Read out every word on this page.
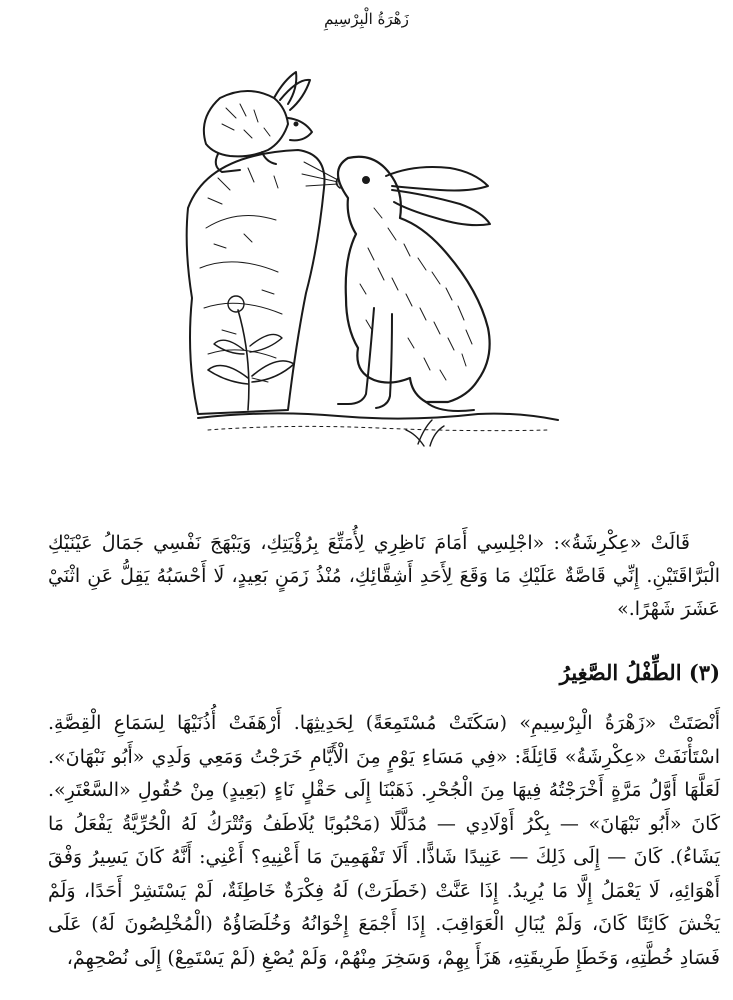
زَهْرَةُ الْبِرْسِيمِ

قَالَتْ «عِكْرِشَةُ»: «اجْلِسِي أَمَامَ نَاظِرِي لِأُمَتِّعَ بِرُؤْيَتِكِ، وَيَبْهَجَ نَفْسِي جَمَالُ عَيْنَيْكِ الْبَرَّاقَتَيْنِ. إِنِّي قَاصَّةٌ عَلَيْكِ مَا وَقَعَ لِأَحَدِ أَشِقَّائِكِ، مُنْذُ زَمَنٍ بَعِيدٍ، لَا أَحْسَبُهُ يَقِلُّ عَنِ اثْنَيْ عَشَرَ شَهْرًا.»

(٣) الطِّفْلُ الصَّغِيرُ

أَنْصَتَتْ «زَهْرَةُ الْبِرْسِيمِ» (سَكَتَتْ مُسْتَمِعَةً) لِحَدِيثِهَا. أَرْهَفَتْ أُذُنَيْهَا لِسَمَاعِ الْقِصَّةِ. اسْتَأْنَفَتْ «عِكْرِشَةُ» قَائِلَةً: «فِي مَسَاءِ يَوْمٍ مِنَ الْأَيَّامِ خَرَجْتُ وَمَعِي وَلَدِي «أَبُو نَبْهَانَ». لَعَلَّهَا أَوَّلُ مَرَّةٍ أَخْرَجْتُهُ فِيهَا مِنَ الْجُحْرِ. ذَهَبْنَا إِلَى حَقْلٍ نَاءٍ (بَعِيدٍ) مِنْ حُقُولِ «السَّعْتَرِ». كَانَ «أَبُو نَبْهَانَ» — بِكْرُ أَوْلَادِي — مُدَلَّلًا (مَحْبُوبًا يُلَاطَفُ وَتُتْرَكُ لَهُ الْحُرِّيَّةُ يَفْعَلُ مَا يَشَاءُ). كَانَ — إِلَى ذَلِكَ — عَنِيدًا شَاذًّا. أَلَا تَفْهَمِينَ مَا أَعْنِيهِ؟ أَعْنِي: أَنَّهُ كَانَ يَسِيرُ وَفْقَ أَهْوَائِهِ، لَا يَعْمَلُ إِلَّا مَا يُرِيدُ. إِذَا عَنَّتْ (خَطَرَتْ) لَهُ فِكْرَةٌ خَاطِئَةٌ، لَمْ يَسْتَشِرْ أَحَدًا، وَلَمْ يَخْشَ كَائِنًا كَانَ، وَلَمْ يُبَالِ الْعَوَاقِبَ. إِذَا أَجْمَعَ إِخْوَانُهُ وَخُلَصَاؤُهُ (الْمُخْلِصُونَ لَهُ) عَلَى فَسَادِ خُطَّتِهِ، وَخَطَإِ طَرِيقَتِهِ، هَزَأَ بِهِمْ، وَسَخِرَ مِنْهُمْ، وَلَمْ يُصْغِ (لَمْ يَسْتَمِعْ) إِلَى نُصْحِهِمْ،
